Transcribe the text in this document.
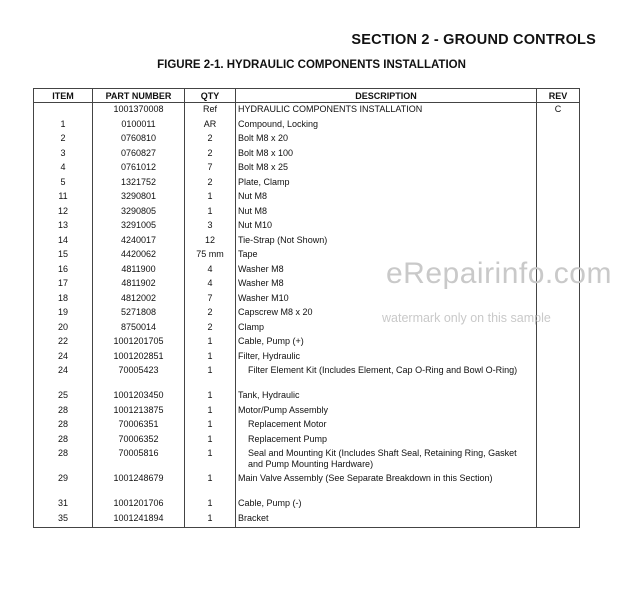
SECTION 2 - GROUND CONTROLS
FIGURE 2-1. HYDRAULIC COMPONENTS INSTALLATION
ITEM	PART NUMBER	QTY	DESCRIPTION	REV
	1001370008	Ref	HYDRAULIC COMPONENTS INSTALLATION	C
1	0100011	AR	Compound, Locking	
2	0760810	2	Bolt M8 x 20	
3	0760827	2	Bolt M8 x 100	
4	0761012	7	Bolt M8 x 25	
5	1321752	2	Plate, Clamp	
11	3290801	1	Nut M8	
12	3290805	1	Nut M8	
13	3291005	3	Nut M10	
14	4240017	12	Tie-Strap (Not Shown)	
15	4420062	75 mm	Tape	
16	4811900	4	Washer M8	
17	4811902	4	Washer M8	
18	4812002	7	Washer M10	
19	5271808	2	Capscrew M8 x 20	
20	8750014	2	Clamp	
22	1001201705	1	Cable, Pump (+)	
24	1001202851	1	Filter, Hydraulic	
24	70005423	1	Filter Element Kit (Includes Element, Cap O-Ring and Bowl O-Ring)	
25	1001203450	1	Tank, Hydraulic	
28	1001213875	1	Motor/Pump Assembly	
28	70006351	1	Replacement Motor	
28	70006352	1	Replacement Pump	
28	70005816	1	Seal and Mounting Kit (Includes Shaft Seal, Retaining Ring, Gasket and Pump Mounting Hardware)	
29	1001248679	1	Main Valve Assembly (See Separate Breakdown in this Section)	
31	1001201706	1	Cable, Pump (-)	
35	1001241894	1	Bracket	
eRepairinfo.com
watermark only on this sample
